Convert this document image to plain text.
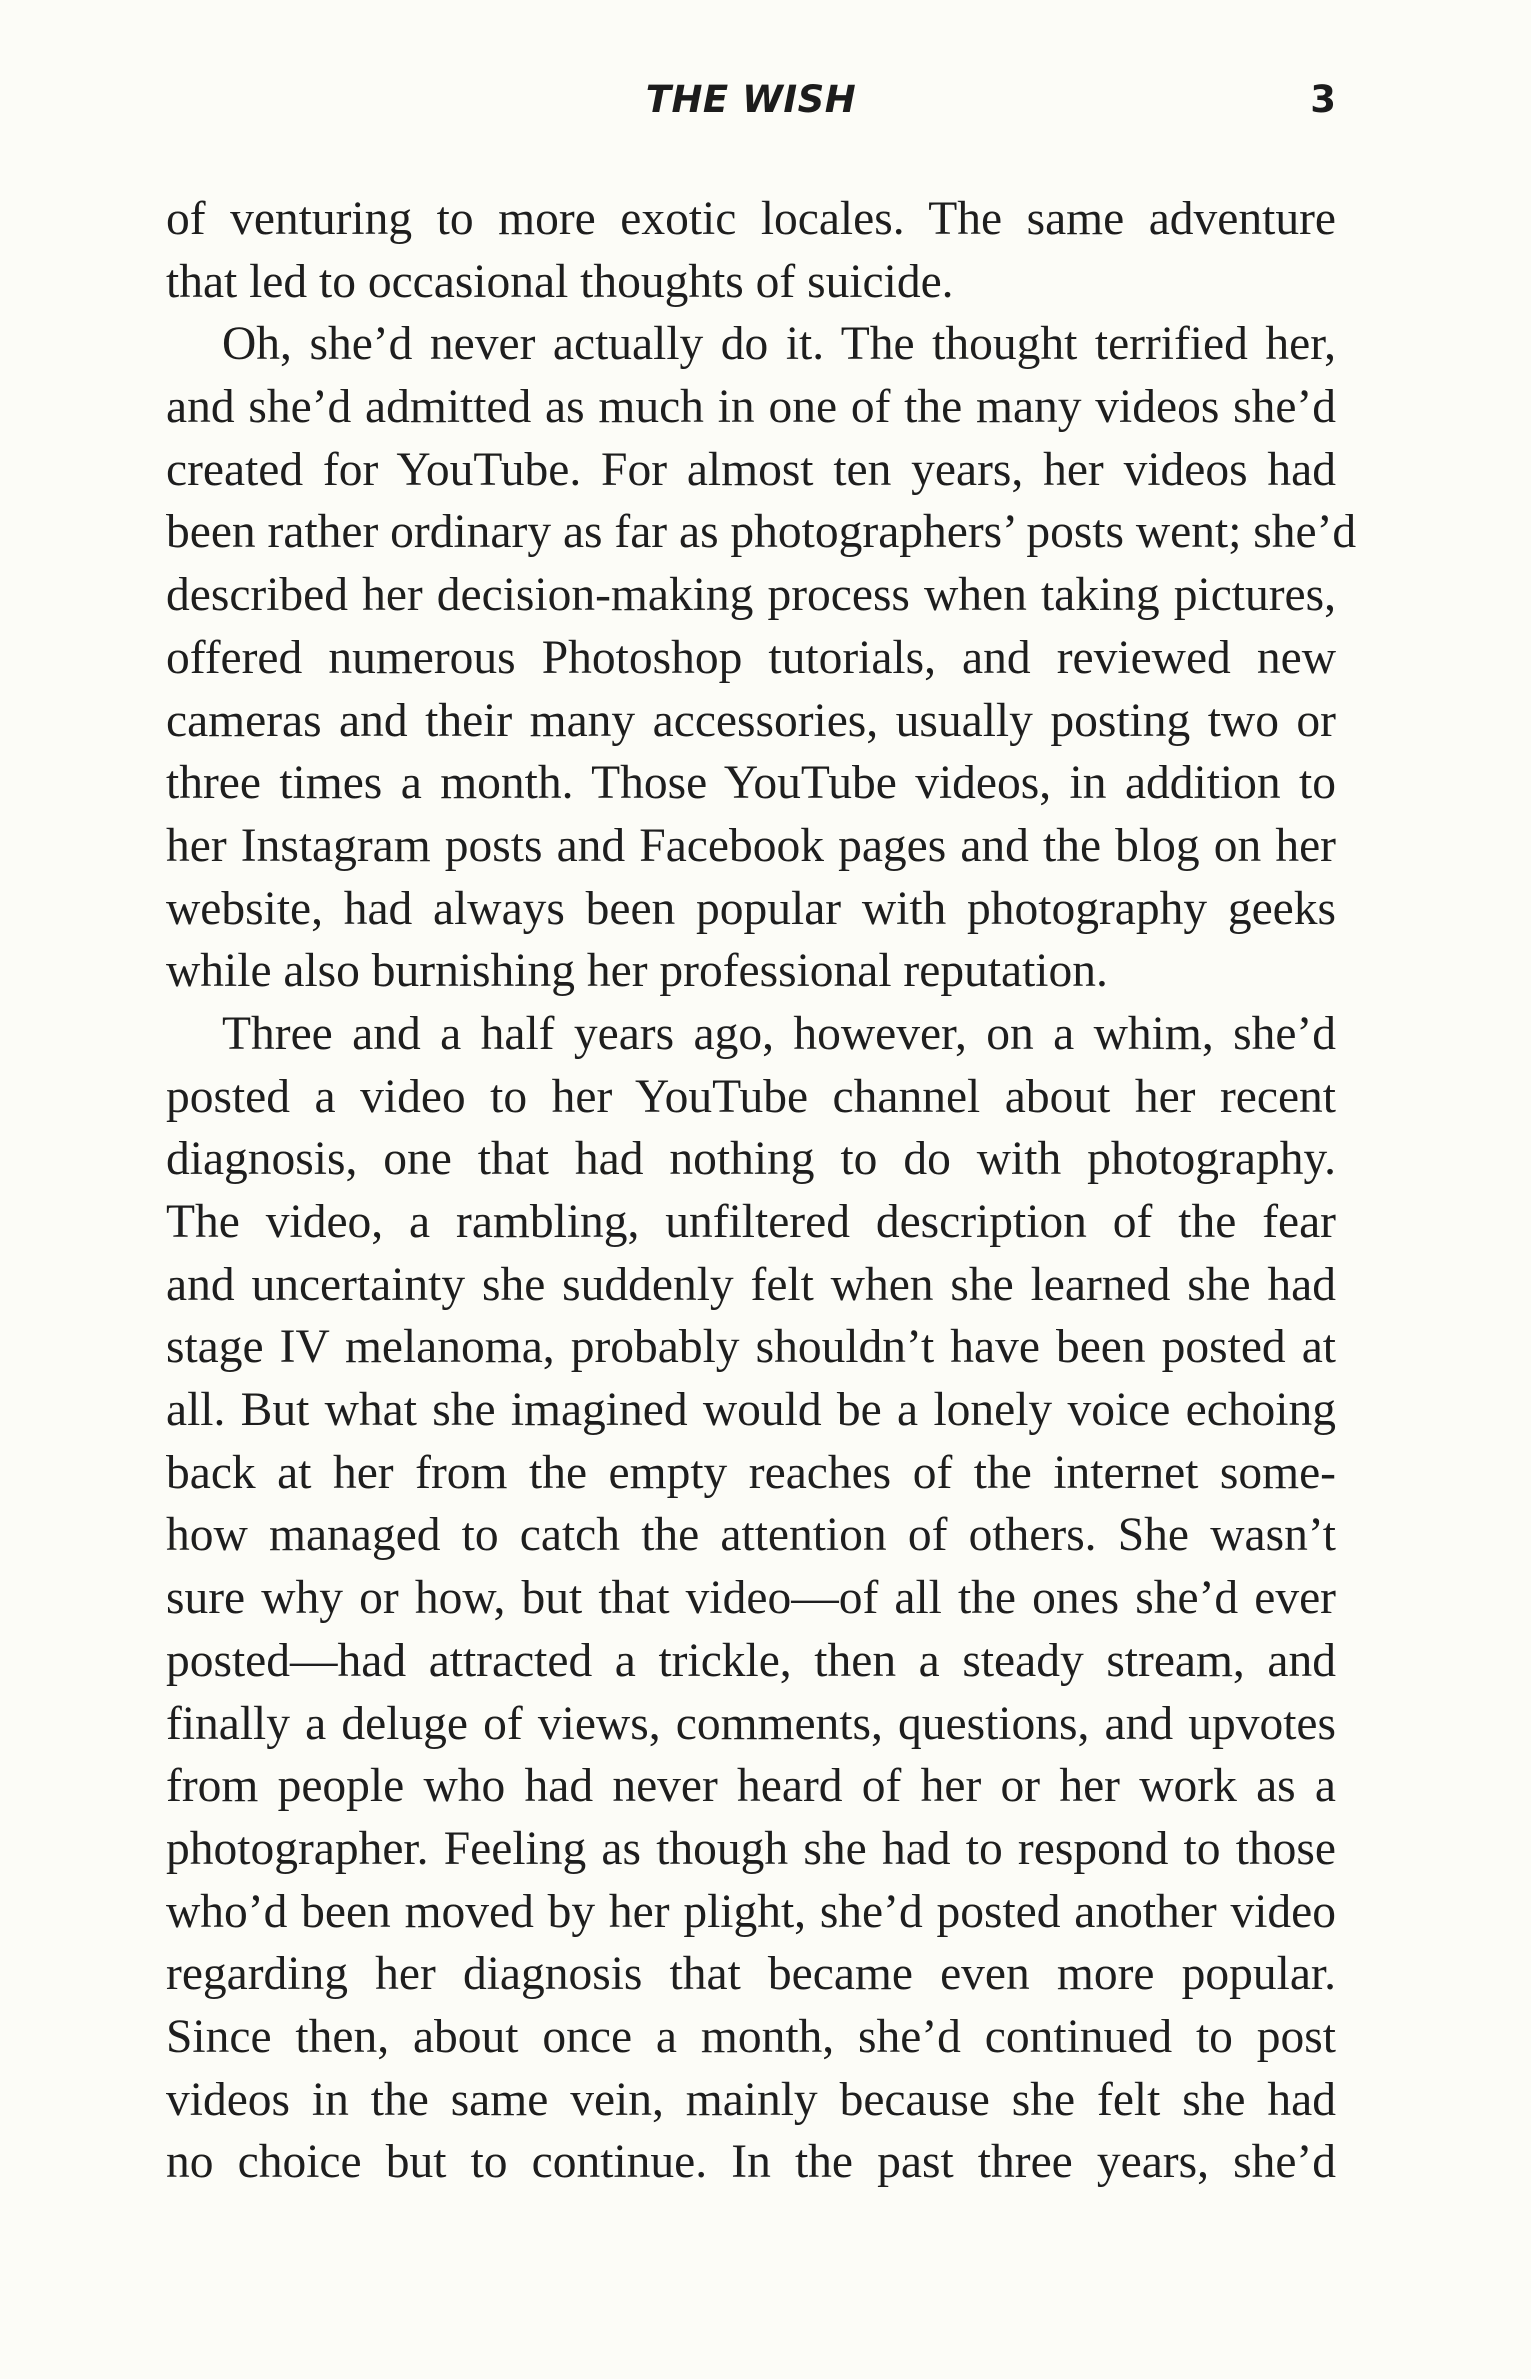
THE WISH	3
of venturing to more exotic locales. The same adventure
that led to occasional thoughts of suicide.
Oh, she’d never actually do it. The thought terrified her,
and she’d admitted as much in one of the many videos she’d
created for YouTube. For almost ten years, her videos had
been rather ordinary as far as photographers’ posts went; she’d
described her decision-making process when taking pictures,
offered numerous Photoshop tutorials, and reviewed new
cameras and their many accessories, usually posting two or
three times a month. Those YouTube videos, in addition to
her Instagram posts and Facebook pages and the blog on her
website, had always been popular with photography geeks
while also burnishing her professional reputation.
Three and a half years ago, however, on a whim, she’d
posted a video to her YouTube channel about her recent
diagnosis, one that had nothing to do with photography.
The video, a rambling, unfiltered description of the fear
and uncertainty she suddenly felt when she learned she had
stage IV melanoma, probably shouldn’t have been posted at
all. But what she imagined would be a lonely voice echoing
back at her from the empty reaches of the internet some-
how managed to catch the attention of others. She wasn’t
sure why or how, but that video—of all the ones she’d ever
posted—had attracted a trickle, then a steady stream, and
finally a deluge of views, comments, questions, and upvotes
from people who had never heard of her or her work as a
photographer. Feeling as though she had to respond to those
who’d been moved by her plight, she’d posted another video
regarding her diagnosis that became even more popular.
Since then, about once a month, she’d continued to post
videos in the same vein, mainly because she felt she had
no choice but to continue. In the past three years, she’d
